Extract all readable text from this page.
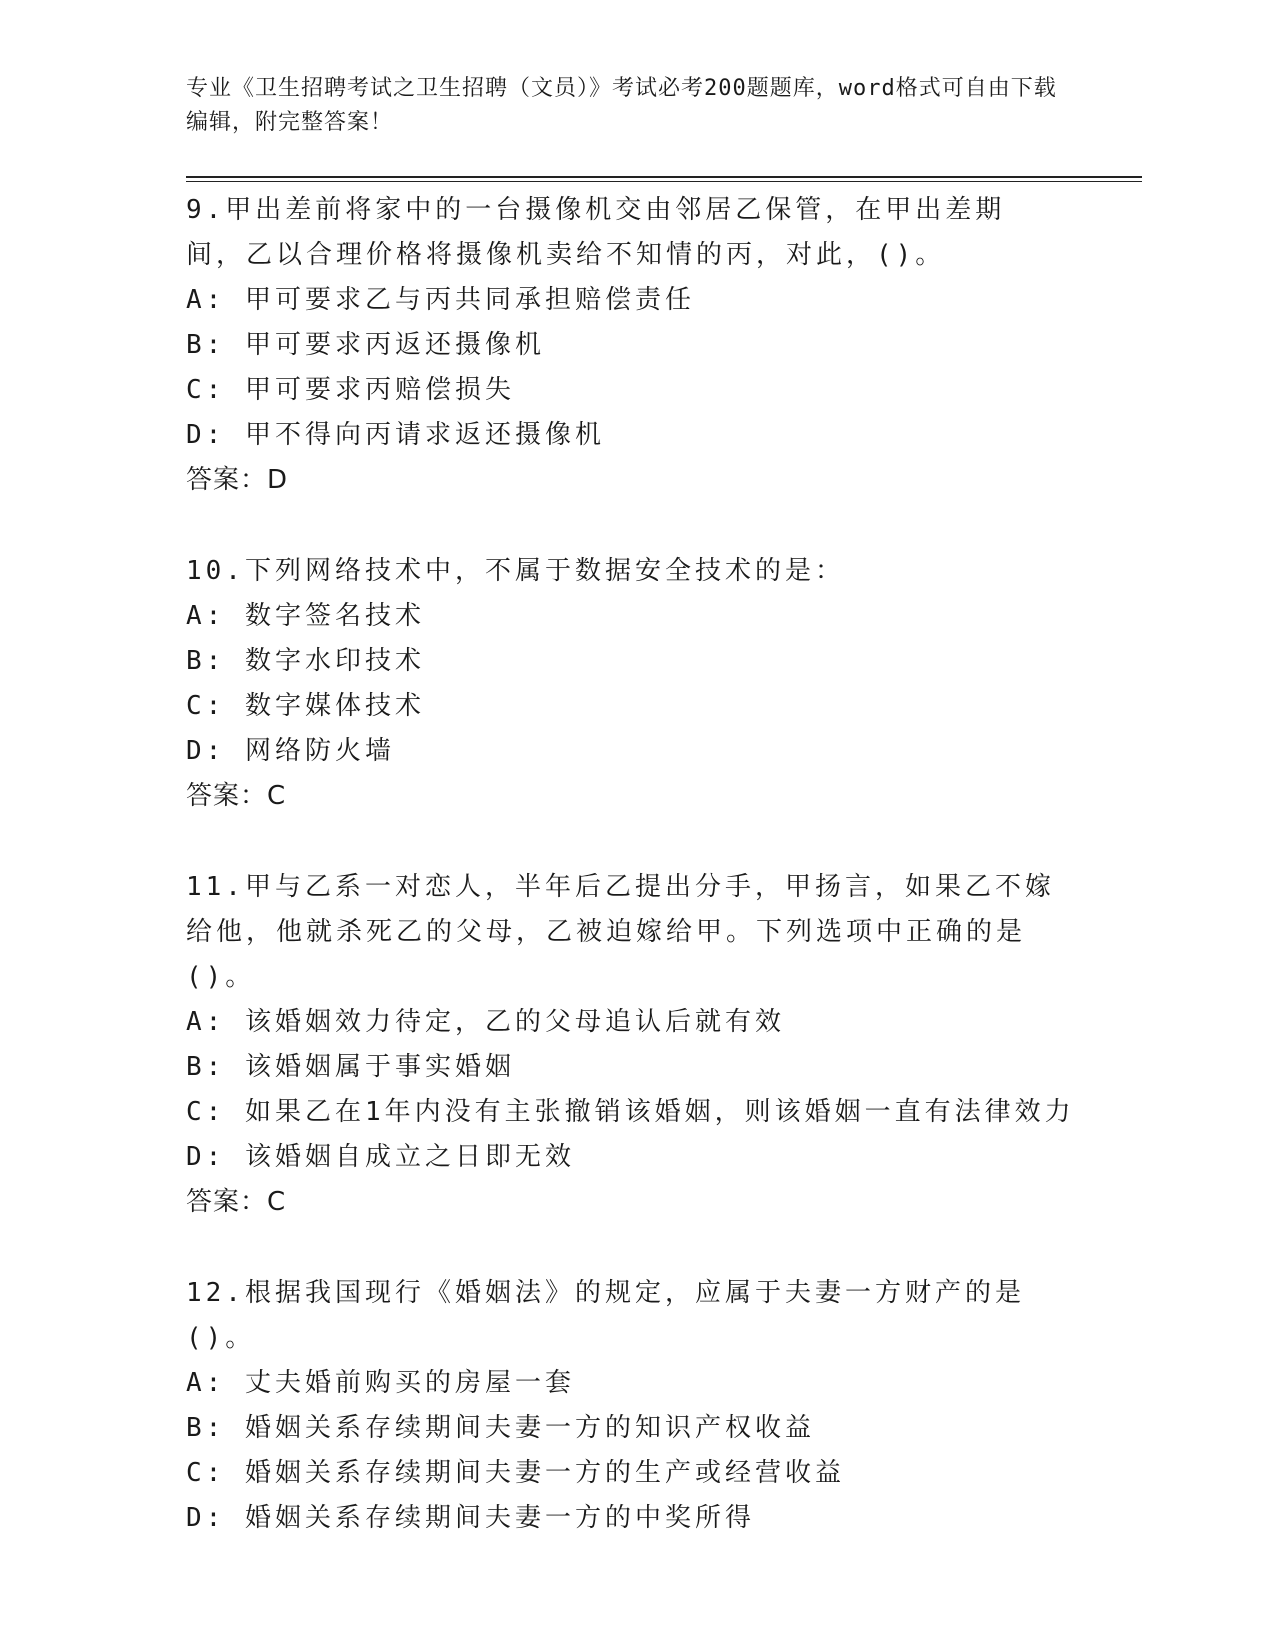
专业《卫生招聘考试之卫生招聘（文员）》考试必考200题题库，word格式可自由下载编辑，附完整答案！
9.甲出差前将家中的一台摄像机交由邻居乙保管，在甲出差期间，乙以合理价格将摄像机卖给不知情的丙，对此，()。
A: 甲可要求乙与丙共同承担赔偿责任
B: 甲可要求丙返还摄像机
C: 甲可要求丙赔偿损失
D: 甲不得向丙请求返还摄像机
答案：D
10.下列网络技术中，不属于数据安全技术的是：
A: 数字签名技术
B: 数字水印技术
C: 数字媒体技术
D: 网络防火墙
答案：C
11.甲与乙系一对恋人，半年后乙提出分手，甲扬言，如果乙不嫁给他，他就杀死乙的父母，乙被迫嫁给甲。下列选项中正确的是()。
A: 该婚姻效力待定，乙的父母追认后就有效
B: 该婚姻属于事实婚姻
C: 如果乙在1年内没有主张撤销该婚姻，则该婚姻一直有法律效力
D: 该婚姻自成立之日即无效
答案：C
12.根据我国现行《婚姻法》的规定，应属于夫妻一方财产的是()。
A: 丈夫婚前购买的房屋一套
B: 婚姻关系存续期间夫妻一方的知识产权收益
C: 婚姻关系存续期间夫妻一方的生产或经营收益
D: 婚姻关系存续期间夫妻一方的中奖所得
